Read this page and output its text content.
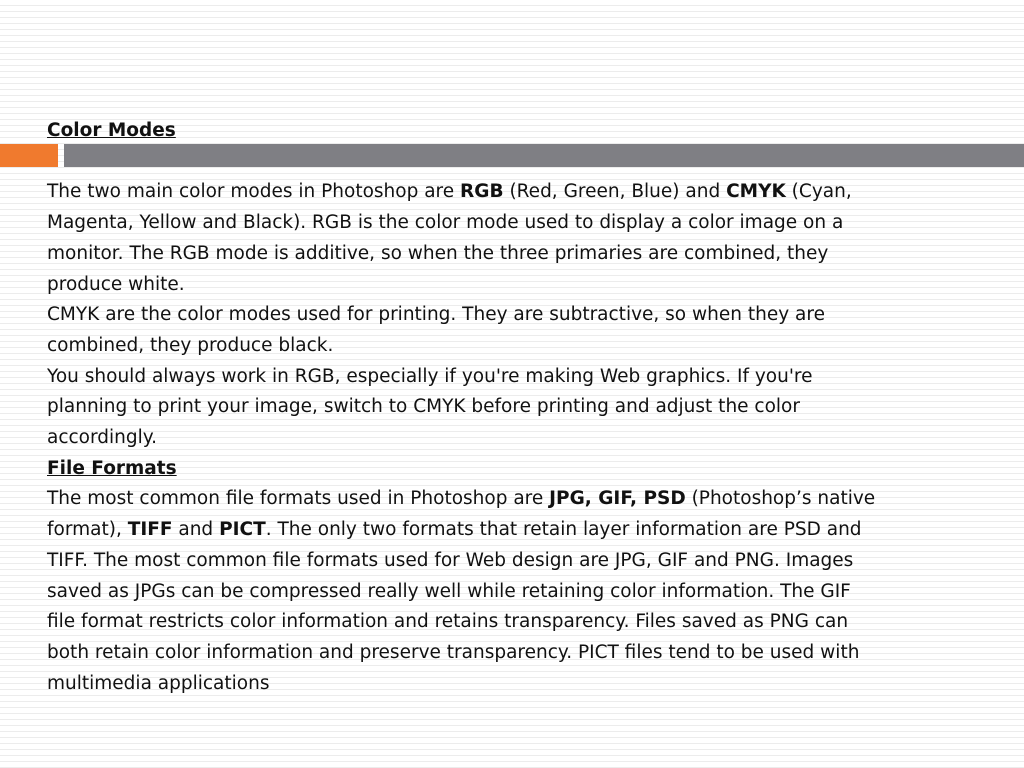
Color Modes

The two main color modes in Photoshop are RGB (Red, Green, Blue) and CMYK (Cyan, Magenta, Yellow and Black). RGB is the color mode used to display a color image on a monitor. The RGB mode is additive, so when the three primaries are combined, they produce white.

CMYK are the color modes used for printing. They are subtractive, so when they are combined, they produce black.

You should always work in RGB, especially if you're making Web graphics. If you're planning to print your image, switch to CMYK before printing and adjust the color accordingly.

File Formats

The most common file formats used in Photoshop are JPG, GIF, PSD (Photoshop’s native format), TIFF and PICT. The only two formats that retain layer information are PSD and TIFF. The most common file formats used for Web design are JPG, GIF and PNG. Images saved as JPGs can be compressed really well while retaining color information. The GIF file format restricts color information and retains transparency. Files saved as PNG can both retain color information and preserve transparency. PICT files tend to be used with multimedia applications
